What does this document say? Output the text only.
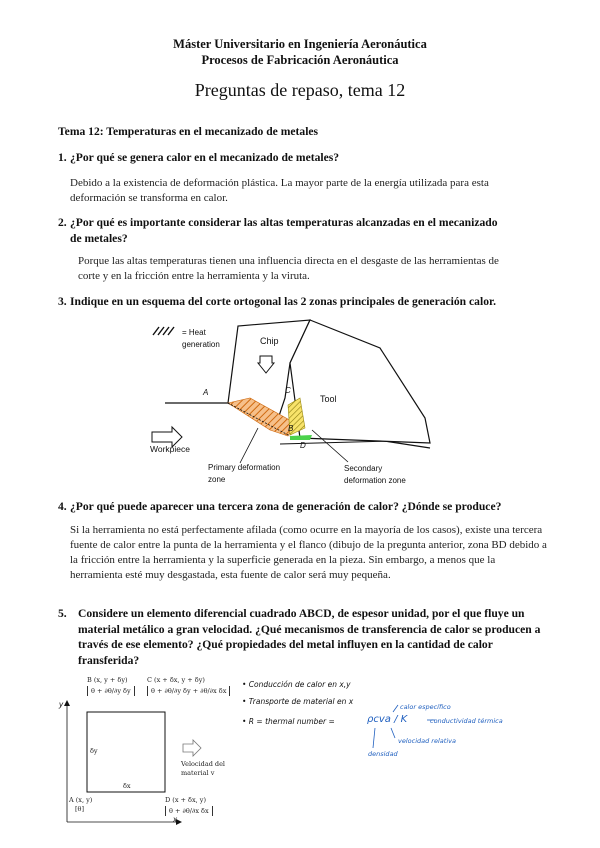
Máster Universitario en Ingeniería Aeronáutica
Procesos de Fabricación Aeronáutica
Preguntas de repaso, tema 12
Tema 12: Temperaturas en el mecanizado de metales
1. ¿Por qué se genera calor en el mecanizado de metales?
Debido a la existencia de deformación plástica. La mayor parte de la energía utilizada para esta deformación se transforma en calor.
2. ¿Por qué es importante considerar las altas temperaturas alcanzadas en el mecanizado de metales?
Porque las altas temperaturas tienen una influencia directa en el desgaste de las herramientas de corte y en la fricción entre la herramienta y la viruta.
3. Indique en un esquema del corte ortogonal las 2 zonas principales de generación calor.
= Heat
generation	Chip
Tool
Workpiece
A
B
C
D
Primary deformation
zone
Secondary
deformation zone
4. ¿Por qué puede aparecer una tercera zona de generación de calor? ¿Dónde se produce?
Si la herramienta no está perfectamente afilada (como ocurre en la mayoría de los casos), existe una tercera fuente de calor entre la punta de la herramienta y el flanco (dibujo de la pregunta anterior, zona BD debido a la fricción entre la herramienta y la superficie generada en la pieza. Sin embargo, a menos que la herramienta esté muy desgastada, esta fuente de calor será muy pequeña.
5. Considere un elemento diferencial cuadrado ABCD, de espesor unidad, por el que fluye un material metálico a gran velocidad. ¿Qué mecanismos de transferencia de calor se producen a través de ese elemento? ¿Qué propiedades del metal influyen en la cantidad de calor fransferida?
y
x
B (x, y + δy)
θ + ∂θ/∂y δy
C (x + δx, y + δy)
θ + ∂θ/∂y δy + ∂θ/∂x δx
δy
δx
Velocidad del
material v
A (x, y)
[θ]
D (x + δx, y)
θ + ∂θ/∂x δx
• Conducción de calor en x,y
• Transporte de material en x
• R = thermal number =	ρcva / K
calor específico
conductividad térmica
velocidad relativa
densidad
